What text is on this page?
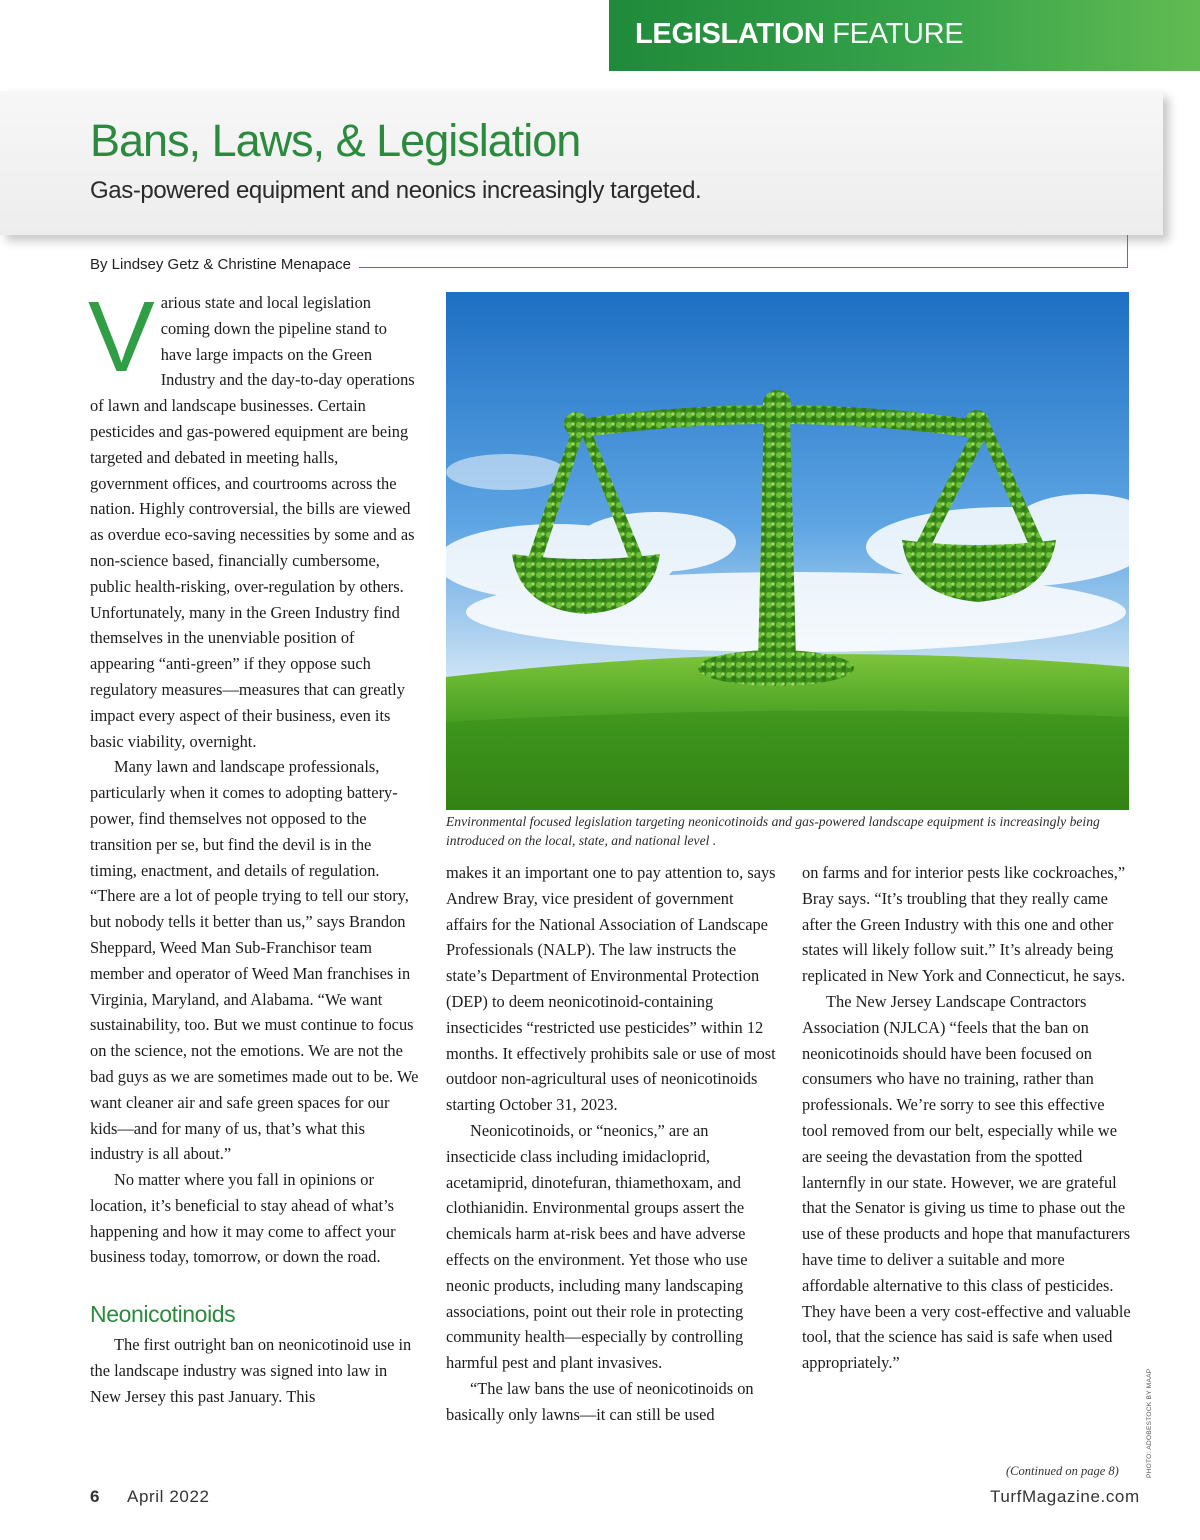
LEGISLATION FEATURE
Bans, Laws, & Legislation

Gas-powered equipment and neonics increasingly targeted.

By Lindsey Getz & Christine Menapace

Various state and local legislation coming down the pipeline stand to have large impacts on the Green Industry and the day-to-day operations of lawn and landscape businesses. Certain pesticides and gas-powered equipment are being targeted and debated in meeting halls, government offices, and courtrooms across the nation. Highly controversial, the bills are viewed as overdue eco-saving necessities by some and as non-science based, financially cumbersome, public health-risking, over-regulation by others. Unfortunately, many in the Green Industry find themselves in the unenviable position of appearing “anti-green” if they oppose such regulatory measures—measures that can greatly impact every aspect of their business, even its basic viability, overnight.

Many lawn and landscape professionals, particularly when it comes to adopting battery-power, find themselves not opposed to the transition per se, but find the devil is in the timing, enactment, and details of regulation. “There are a lot of people trying to tell our story, but nobody tells it better than us,” says Brandon Sheppard, Weed Man Sub-Franchisor team member and operator of Weed Man franchises in Virginia, Maryland, and Alabama. “We want sustainability, too. But we must continue to focus on the science, not the emotions. We are not the bad guys as we are sometimes made out to be. We want cleaner air and safe green spaces for our kids—and for many of us, that’s what this industry is all about.”

No matter where you fall in opinions or location, it’s beneficial to stay ahead of what’s happening and how it may come to affect your business today, tomorrow, or down the road.

Neonicotinoids

The first outright ban on neonicotinoid use in the landscape industry was signed into law in New Jersey this past January. This

Environmental focused legislation targeting neonicotinoids and gas-powered landscape equipment is increasingly being introduced on the local, state, and national level .

makes it an important one to pay attention to, says Andrew Bray, vice president of government affairs for the National Association of Landscape Professionals (NALP). The law instructs the state’s Department of Environmental Protection (DEP) to deem neonicotinoid-containing insecticides “restricted use pesticides” within 12 months. It effectively prohibits sale or use of most outdoor non-agricultural uses of neonicotinoids starting October 31, 2023.

Neonicotinoids, or “neonics,” are an insecticide class including imidacloprid, acetamiprid, dinotefuran, thiamethoxam, and clothianidin. Environmental groups assert the chemicals harm at-risk bees and have adverse effects on the environment. Yet those who use neonic products, including many landscaping associations, point out their role in protecting community health—especially by controlling harmful pest and plant invasives.

“The law bans the use of neonicotinoids on basically only lawns—it can still be used

on farms and for interior pests like cockroaches,” Bray says. “It’s troubling that they really came after the Green Industry with this one and other states will likely follow suit.” It’s already being replicated in New York and Connecticut, he says.

The New Jersey Landscape Contractors Association (NJLCA) “feels that the ban on neonicotinoids should have been focused on consumers who have no training, rather than professionals. We’re sorry to see this effective tool removed from our belt, especially while we are seeing the devastation from the spotted lanternfly in our state. However, we are grateful that the Senator is giving us time to phase out the use of these products and hope that manufacturers have time to deliver a suitable and more affordable alternative to this class of pesticides. They have been a very cost-effective and valuable tool, that the science has said is safe when used appropriately.”

(Continued on page 8)	PHOTO: ADOBESTOCK BY MAAP
6 April 2022	TurfMagazine.com
